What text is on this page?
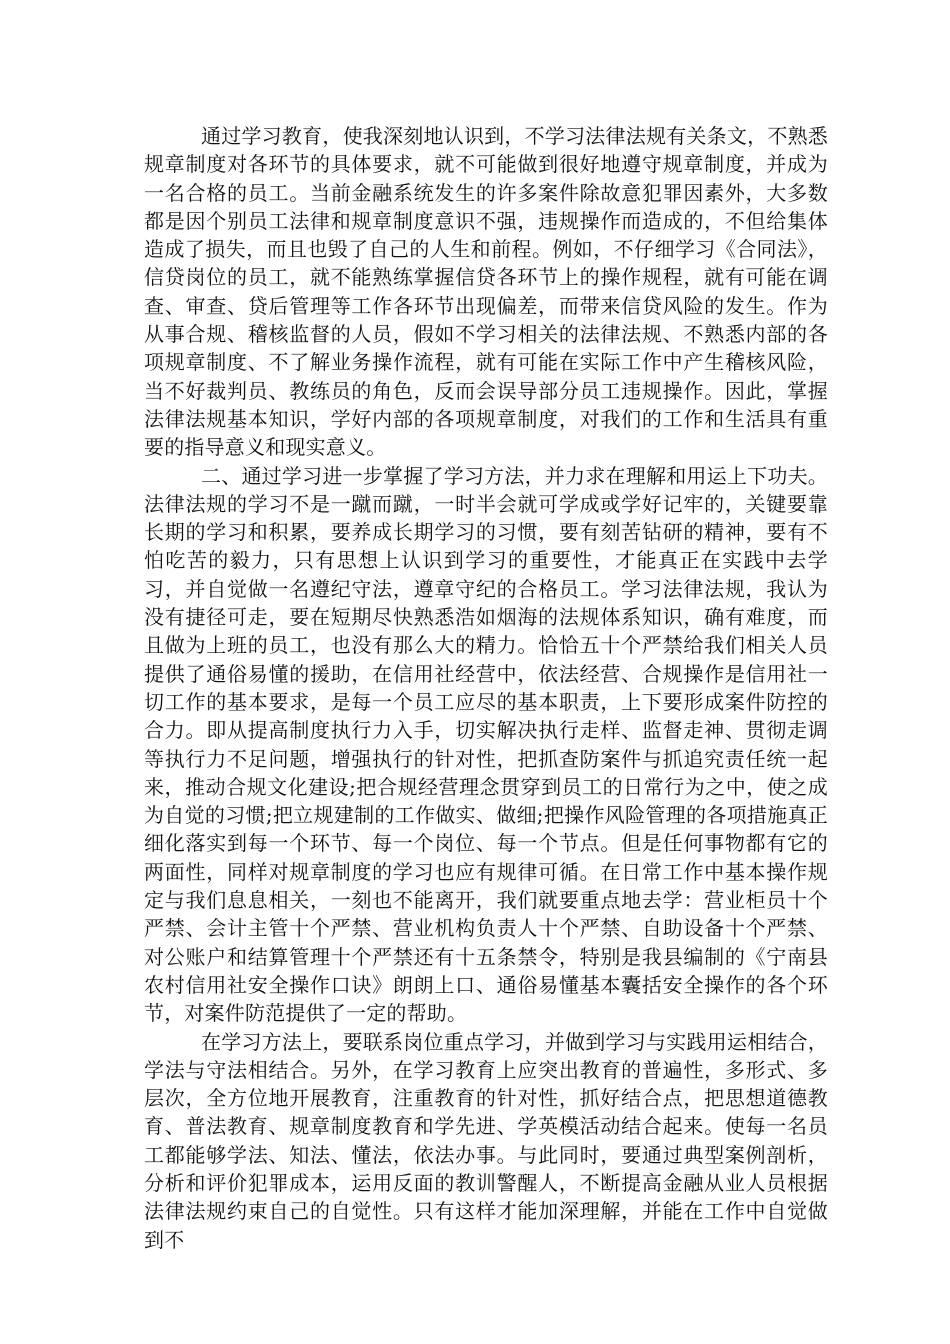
通过学习教育，使我深刻地认识到，不学习法律法规有关条文，不熟悉规章制度对各环节的具体要求，就不可能做到很好地遵守规章制度，并成为一名合格的员工。当前金融系统发生的许多案件除故意犯罪因素外，大多数都是因个别员工法律和规章制度意识不强，违规操作而造成的，不但给集体造成了损失，而且也毁了自己的人生和前程。例如，不仔细学习《合同法》，信贷岗位的员工，就不能熟练掌握信贷各环节上的操作规程，就有可能在调查、审查、贷后管理等工作各环节出现偏差，而带来信贷风险的发生。作为从事合规、稽核监督的人员，假如不学习相关的法律法规、不熟悉内部的各项规章制度、不了解业务操作流程，就有可能在实际工作中产生稽核风险，当不好裁判员、教练员的角色，反而会误导部分员工违规操作。因此，掌握法律法规基本知识，学好内部的各项规章制度，对我们的工作和生活具有重要的指导意义和现实意义。

二、通过学习进一步掌握了学习方法，并力求在理解和用运上下功夫。法律法规的学习不是一蹴而蹴，一时半会就可学成或学好记牢的，关键要靠长期的学习和积累，要养成长期学习的习惯，要有刻苦钻研的精神，要有不怕吃苦的毅力，只有思想上认识到学习的重要性，才能真正在实践中去学习，并自觉做一名遵纪守法，遵章守纪的合格员工。学习法律法规，我认为没有捷径可走，要在短期尽快熟悉浩如烟海的法规体系知识，确有难度，而且做为上班的员工，也没有那么大的精力。恰恰五十个严禁给我们相关人员提供了通俗易懂的援助，在信用社经营中，依法经营、合规操作是信用社一切工作的基本要求，是每一个员工应尽的基本职责，上下要形成案件防控的合力。即从提高制度执行力入手，切实解决执行走样、监督走神、贯彻走调等执行力不足问题，增强执行的针对性，把抓查防案件与抓追究责任统一起来，推动合规文化建设;把合规经营理念贯穿到员工的日常行为之中，使之成为自觉的习惯;把立规建制的工作做实、做细;把操作风险管理的各项措施真正细化落实到每一个环节、每一个岗位、每一个节点。但是任何事物都有它的两面性，同样对规章制度的学习也应有规律可循。在日常工作中基本操作规定与我们息息相关，一刻也不能离开，我们就要重点地去学：营业柜员十个严禁、会计主管十个严禁、营业机构负责人十个严禁、自助设备十个严禁、对公账户和结算管理十个严禁还有十五条禁令，特别是我县编制的《宁南县农村信用社安全操作口诀》朗朗上口、通俗易懂基本囊括安全操作的各个环节，对案件防范提供了一定的帮助。

在学习方法上，要联系岗位重点学习，并做到学习与实践用运相结合，学法与守法相结合。另外，在学习教育上应突出教育的普遍性，多形式、多层次，全方位地开展教育，注重教育的针对性，抓好结合点，把思想道德教育、普法教育、规章制度教育和学先进、学英模活动结合起来。使每一名员工都能够学法、知法、懂法，依法办事。与此同时，要通过典型案例剖析，分析和评价犯罪成本，运用反面的教训警醒人，不断提高金融从业人员根据法律法规约束自己的自觉性。只有这样才能加深理解，并能在工作中自觉做到不
